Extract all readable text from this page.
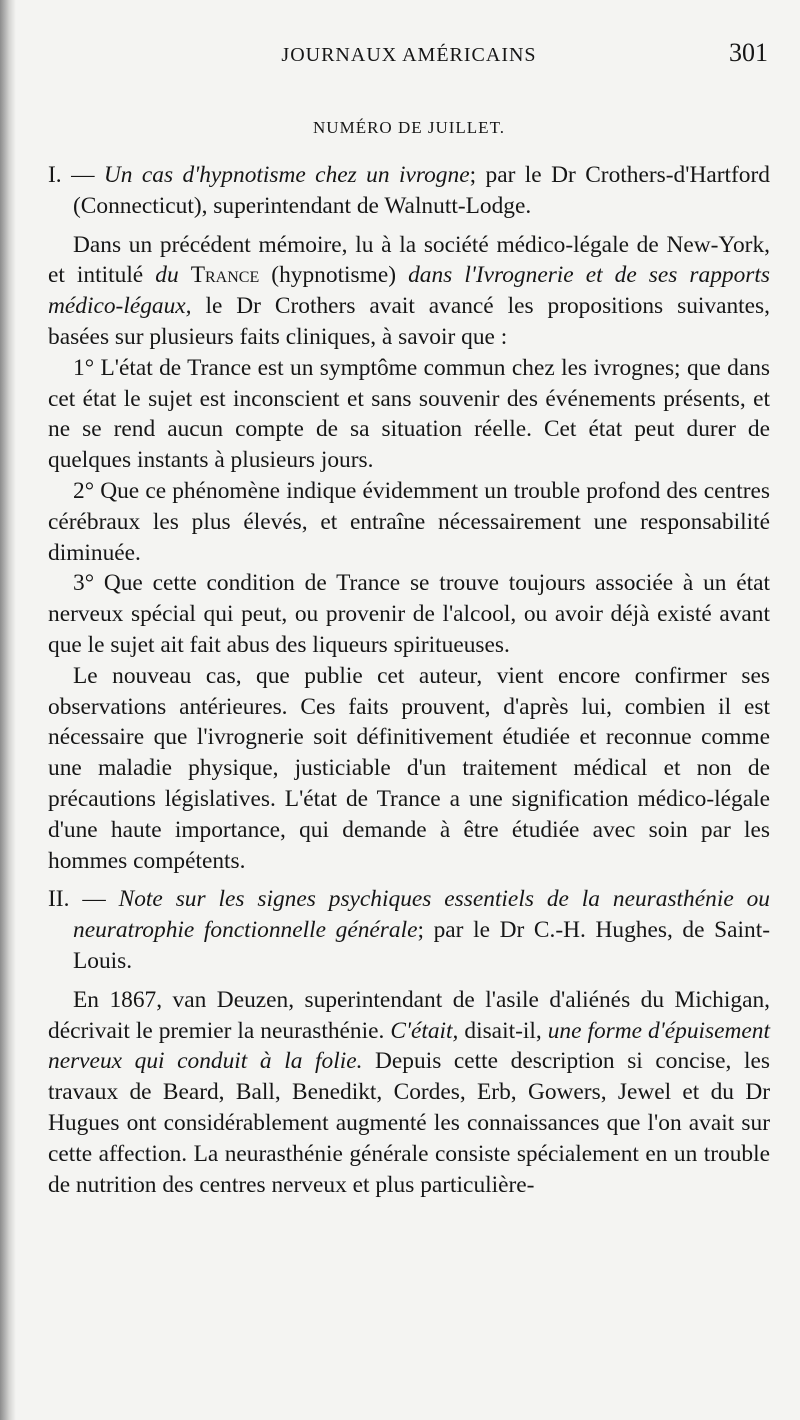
JOURNAUX AMÉRICAINS	301
NUMÉRO DE JUILLET.

I. — Un cas d'hypnotisme chez un ivrogne; par le Dr Crothers-d'Hartford (Connecticut), superintendant de Walnutt-Lodge.

Dans un précédent mémoire, lu à la société médico-légale de New-York, et intitulé du Trance (hypnotisme) dans l'Ivrognerie et de ses rapports médico-légaux, le Dr Crothers avait avancé les propositions suivantes, basées sur plusieurs faits cliniques, à savoir que :

1° L'état de Trance est un symptôme commun chez les ivrognes; que dans cet état le sujet est inconscient et sans souvenir des événements présents, et ne se rend aucun compte de sa situation réelle. Cet état peut durer de quelques instants à plusieurs jours.

2° Que ce phénomène indique évidemment un trouble profond des centres cérébraux les plus élevés, et entraîne nécessairement une responsabilité diminuée.

3° Que cette condition de Trance se trouve toujours associée à un état nerveux spécial qui peut, ou provenir de l'alcool, ou avoir déjà existé avant que le sujet ait fait abus des liqueurs spiritueuses.

Le nouveau cas, que publie cet auteur, vient encore confirmer ses observations antérieures. Ces faits prouvent, d'après lui, combien il est nécessaire que l'ivrognerie soit définitivement étudiée et reconnue comme une maladie physique, justiciable d'un traitement médical et non de précautions législatives. L'état de Trance a une signification médico-légale d'une haute importance, qui demande à être étudiée avec soin par les hommes compétents.

II. — Note sur les signes psychiques essentiels de la neurasthénie ou neuratrophie fonctionnelle générale; par le Dr C.-H. Hughes, de Saint-Louis.

En 1867, van Deuzen, superintendant de l'asile d'aliénés du Michigan, décrivait le premier la neurasthénie. C'était, disait-il, une forme d'épuisement nerveux qui conduit à la folie. Depuis cette description si concise, les travaux de Beard, Ball, Benedikt, Cordes, Erb, Gowers, Jewel et du Dr Hugues ont considérablement augmenté les connaissances que l'on avait sur cette affection. La neurasthénie générale consiste spécialement en un trouble de nutrition des centres nerveux et plus particulière-
